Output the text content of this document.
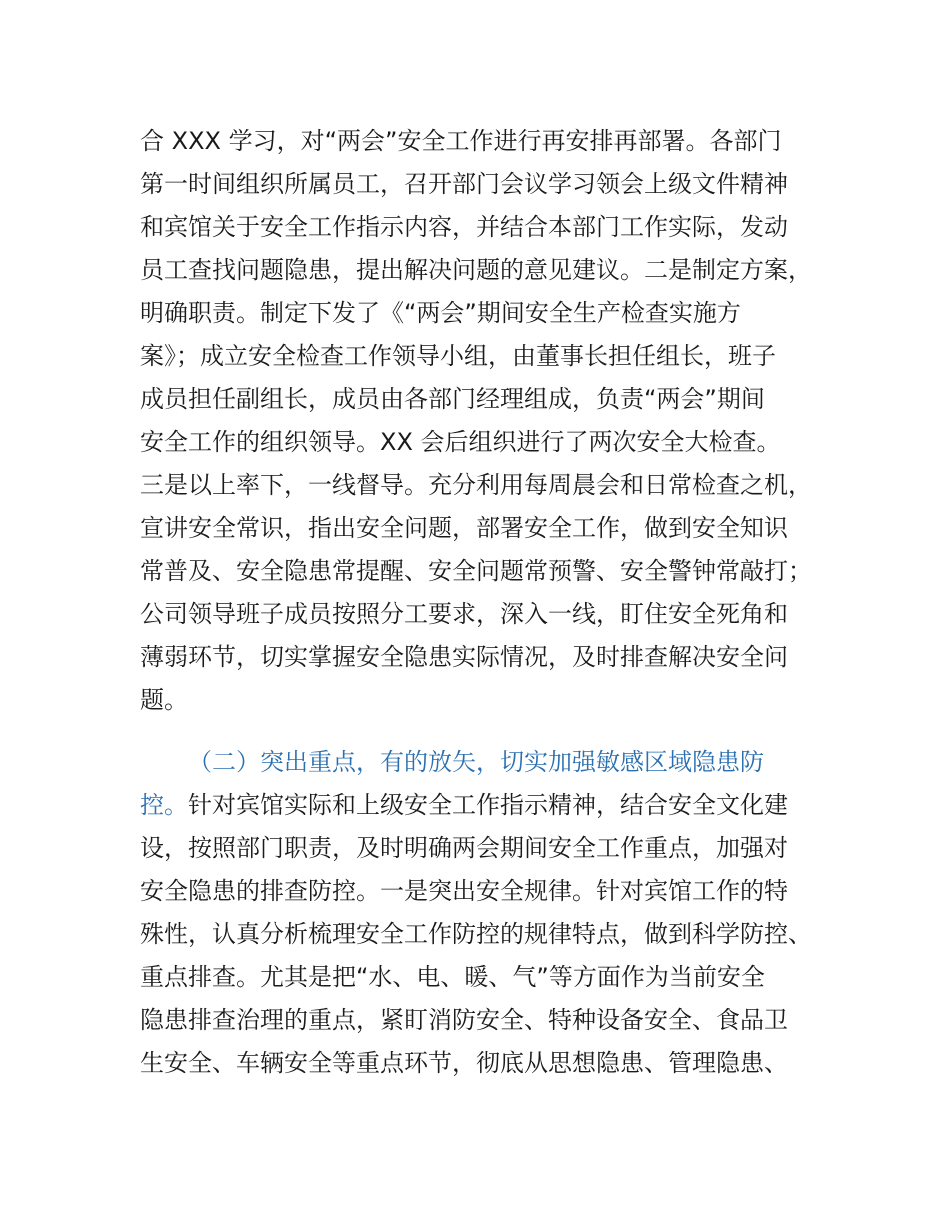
合 XXX 学习，对“两会”安全工作进行再安排再部署。各部门
第一时间组织所属员工，召开部门会议学习领会上级文件精神
和宾馆关于安全工作指示内容，并结合本部门工作实际，发动
员工查找问题隐患，提出解决问题的意见建议。二是制定方案，
明确职责。制定下发了《“两会”期间安全生产检查实施方
案》；成立安全检查工作领导小组，由董事长担任组长，班子
成员担任副组长，成员由各部门经理组成，负责“两会”期间
安全工作的组织领导。XX 会后组织进行了两次安全大检查。
三是以上率下，一线督导。充分利用每周晨会和日常检查之机，
宣讲安全常识，指出安全问题，部署安全工作，做到安全知识
常普及、安全隐患常提醒、安全问题常预警、安全警钟常敲打；
公司领导班子成员按照分工要求，深入一线，盯住安全死角和
薄弱环节，切实掌握安全隐患实际情况，及时排查解决安全问
题。
（二）突出重点，有的放矢，切实加强敏感区域隐患防
控。针对宾馆实际和上级安全工作指示精神，结合安全文化建
设，按照部门职责，及时明确两会期间安全工作重点，加强对
安全隐患的排查防控。一是突出安全规律。针对宾馆工作的特
殊性，认真分析梳理安全工作防控的规律特点，做到科学防控、
重点排查。尤其是把“水、电、暖、气”等方面作为当前安全
隐患排查治理的重点，紧盯消防安全、特种设备安全、食品卫
生安全、车辆安全等重点环节，彻底从思想隐患、管理隐患、
